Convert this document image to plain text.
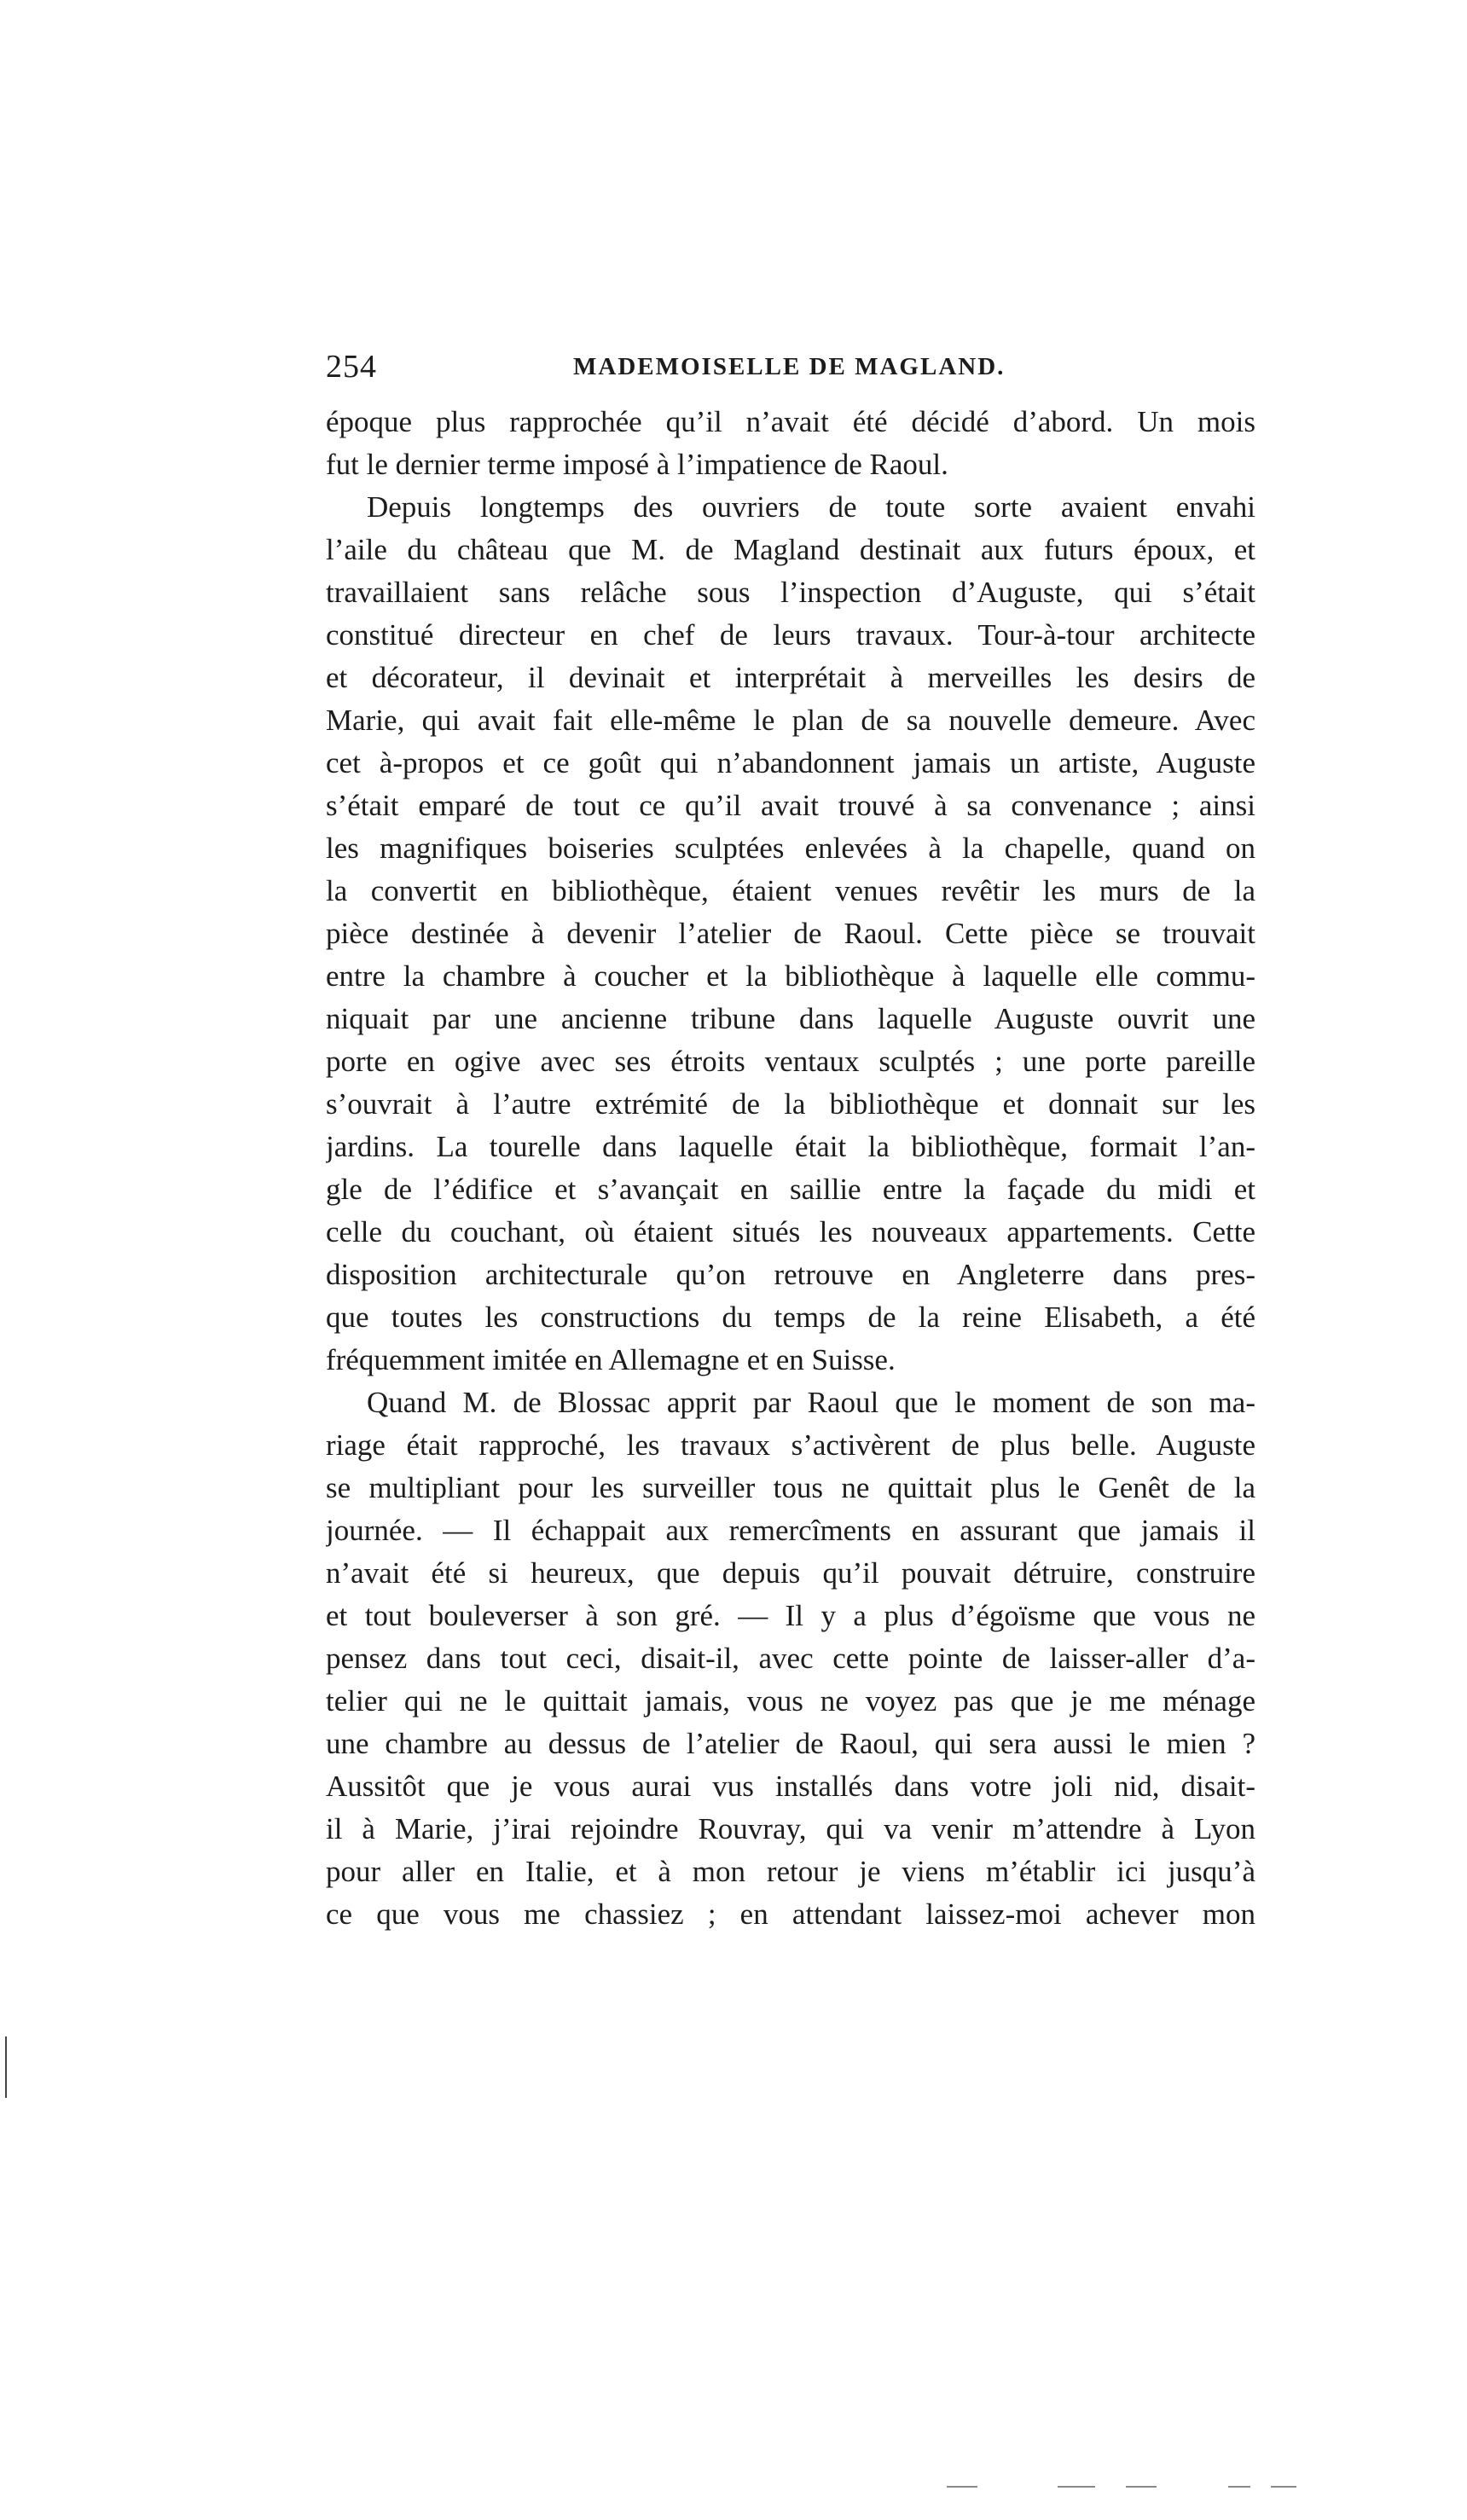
254	MADEMOISELLE DE MAGLAND.
époque plus rapprochée qu’il n’avait été décidé d’abord. Un mois
fut le dernier terme imposé à l’impatience de Raoul.
Depuis longtemps des ouvriers de toute sorte avaient envahi
l’aile du château que M. de Magland destinait aux futurs époux, et
travaillaient sans relâche sous l’inspection d’Auguste, qui s’était
constitué directeur en chef de leurs travaux. Tour-à-tour architecte
et décorateur, il devinait et interprétait à merveilles les desirs de
Marie, qui avait fait elle-même le plan de sa nouvelle demeure. Avec
cet à-propos et ce goût qui n’abandonnent jamais un artiste, Auguste
s’était emparé de tout ce qu’il avait trouvé à sa convenance ; ainsi
les magnifiques boiseries sculptées enlevées à la chapelle, quand on
la convertit en bibliothèque, étaient venues revêtir les murs de la
pièce destinée à devenir l’atelier de Raoul. Cette pièce se trouvait
entre la chambre à coucher et la bibliothèque à laquelle elle commu-
niquait par une ancienne tribune dans laquelle Auguste ouvrit une
porte en ogive avec ses étroits ventaux sculptés ; une porte pareille
s’ouvrait à l’autre extrémité de la bibliothèque et donnait sur les
jardins. La tourelle dans laquelle était la bibliothèque, formait l’an-
gle de l’édifice et s’avançait en saillie entre la façade du midi et
celle du couchant, où étaient situés les nouveaux appartements. Cette
disposition architecturale qu’on retrouve en Angleterre dans pres-
que toutes les constructions du temps de la reine Elisabeth, a été
fréquemment imitée en Allemagne et en Suisse.
Quand M. de Blossac apprit par Raoul que le moment de son ma-
riage était rapproché, les travaux s’activèrent de plus belle. Auguste
se multipliant pour les surveiller tous ne quittait plus le Genêt de la
journée. — Il échappait aux remercîments en assurant que jamais il
n’avait été si heureux, que depuis qu’il pouvait détruire, construire
et tout bouleverser à son gré. — Il y a plus d’égoïsme que vous ne
pensez dans tout ceci, disait-il, avec cette pointe de laisser-aller d’a-
telier qui ne le quittait jamais, vous ne voyez pas que je me ménage
une chambre au dessus de l’atelier de Raoul, qui sera aussi le mien ?
Aussitôt que je vous aurai vus installés dans votre joli nid, disait-
il à Marie, j’irai rejoindre Rouvray, qui va venir m’attendre à Lyon
pour aller en Italie, et à mon retour je viens m’établir ici jusqu’à
ce que vous me chassiez ; en attendant laissez-moi achever mon
